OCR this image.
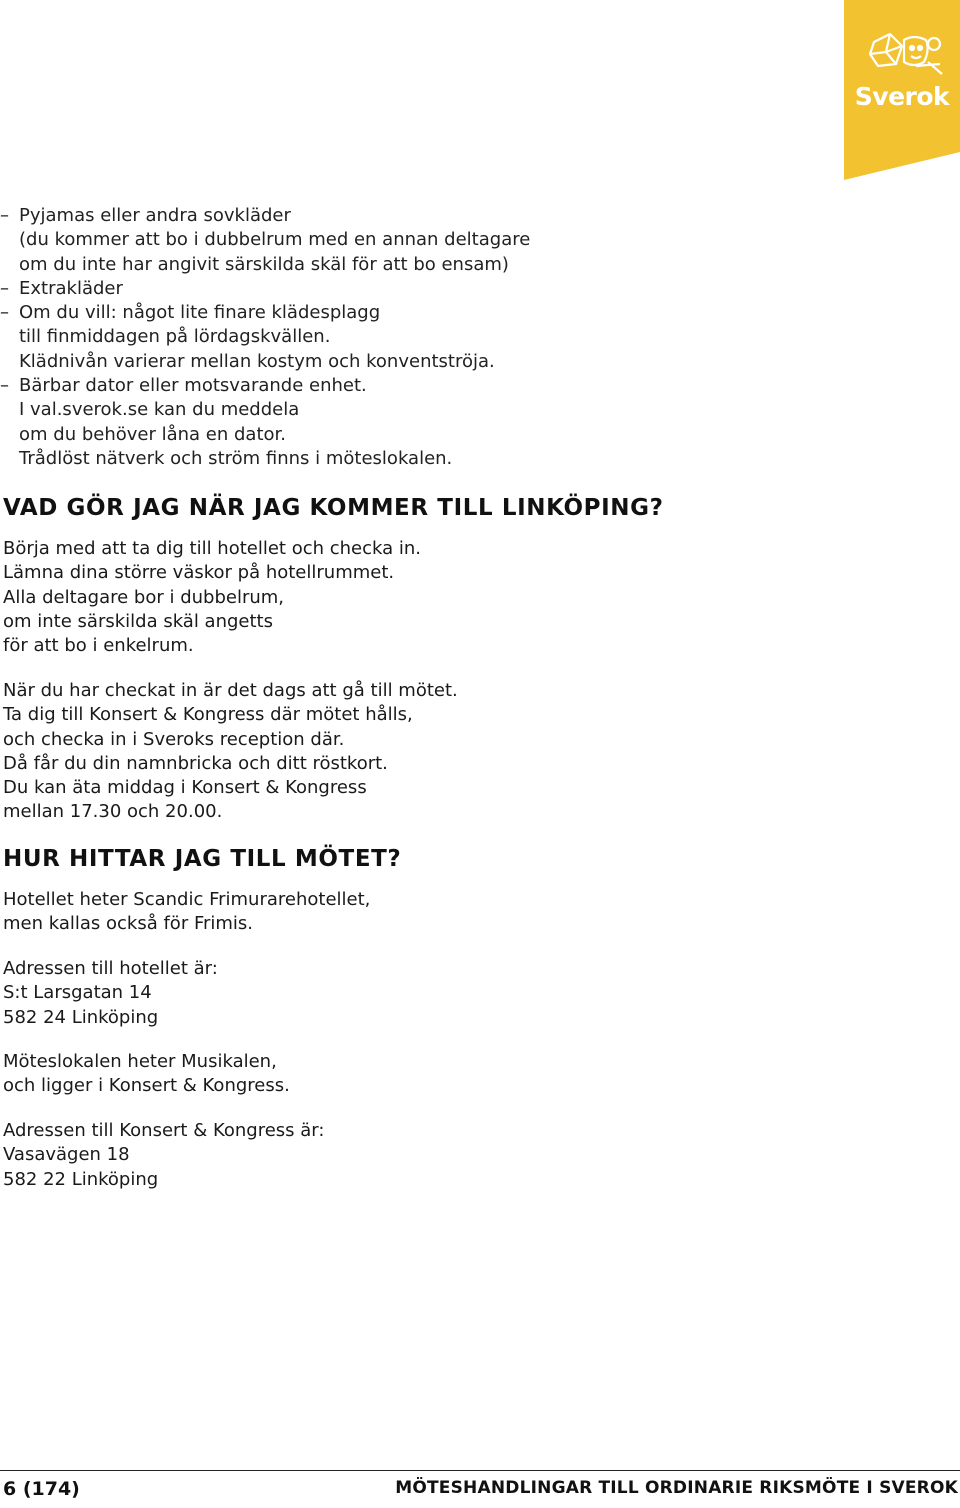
Sverok
– Pyjamas eller andra sovkläder
(du kommer att bo i dubbelrum med en annan deltagare
om du inte har angivit särskilda skäl för att bo ensam)
– Extrakläder
– Om du vill: något lite finare klädesplagg
till finmiddagen på lördagskvällen.
Klädnivån varierar mellan kostym och konventströja.
– Bärbar dator eller motsvarande enhet.
I val.sverok.se kan du meddela
om du behöver låna en dator.
Trådlöst nätverk och ström finns i möteslokalen.
VAD GÖR JAG NÄR JAG KOMMER TILL LINKÖPING?
Börja med att ta dig till hotellet och checka in.
Lämna dina större väskor på hotellrummet.
Alla deltagare bor i dubbelrum,
om inte särskilda skäl angetts
för att bo i enkelrum.
När du har checkat in är det dags att gå till mötet.
Ta dig till Konsert & Kongress där mötet hålls,
och checka in i Sveroks reception där.
Då får du din namnbricka och ditt röstkort.
Du kan äta middag i Konsert & Kongress
mellan 17.30 och 20.00.
HUR HITTAR JAG TILL MÖTET?
Hotellet heter Scandic Frimurarehotellet,
men kallas också för Frimis.
Adressen till hotellet är:
S:t Larsgatan 14
582 24 Linköping
Möteslokalen heter Musikalen,
och ligger i Konsert & Kongress.
Adressen till Konsert & Kongress är:
Vasavägen 18
582 22 Linköping
6 (174)	MÖTESHANDLINGAR TILL ORDINARIE RIKSMÖTE I SVEROK
